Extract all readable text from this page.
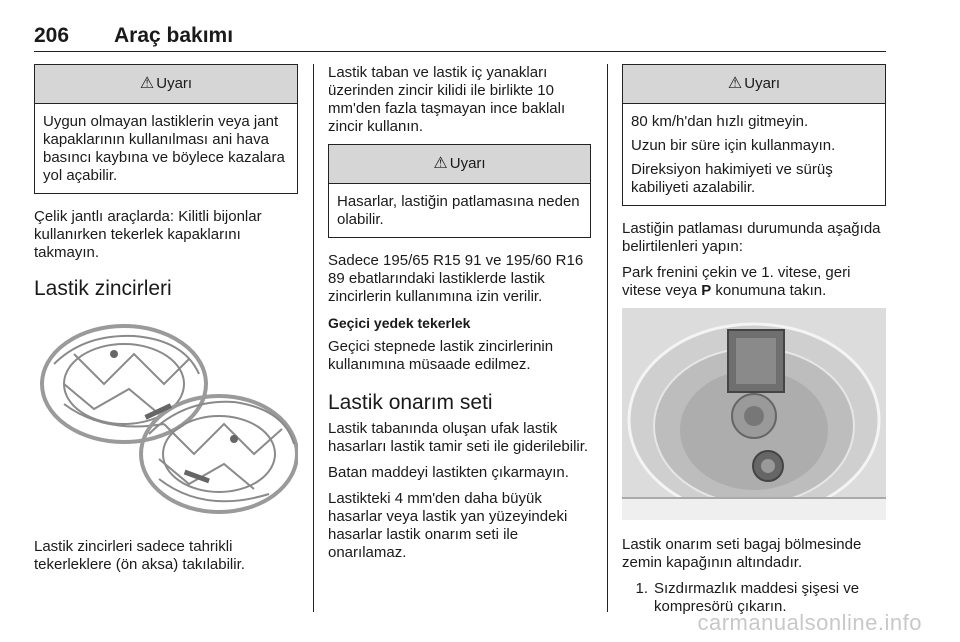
206 Araç bakımı
⚠ Uyarı

Uygun olmayan lastiklerin veya jant kapaklarının kullanılması ani hava basıncı kaybına ve böylece kazalara yol açabilir.

Çelik jantlı araçlarda: Kilitli bijonlar kullanırken tekerlek kapaklarını takmayın.

Lastik zincirleri

Lastik zincirleri sadece tahrikli tekerleklere (ön aksa) takılabilir.

Lastik taban ve lastik iç yanakları üzerinden zincir kilidi ile birlikte 10 mm'den fazla taşmayan ince baklalı zincir kullanın.

⚠ Uyarı

Hasarlar, lastiğin patlamasına neden olabilir.

Sadece 195/65 R15 91 ve 195/60 R16 89 ebatlarındaki lastiklerde lastik zincirlerin kullanımına izin verilir.

Geçici yedek tekerlek

Geçici stepnede lastik zincirlerinin kullanımına müsaade edilmez.

Lastik onarım seti

Lastik tabanında oluşan ufak lastik hasarları lastik tamir seti ile giderilebilir.

Batan maddeyi lastikten çıkarmayın.

Lastikteki 4 mm'den daha büyük hasarlar veya lastik yan yüzeyindeki hasarlar lastik onarım seti ile onarılamaz.

⚠ Uyarı

80 km/h'dan hızlı gitmeyin.

Uzun bir süre için kullanmayın.

Direksiyon hakimiyeti ve sürüş kabiliyeti azalabilir.

Lastiğin patlaması durumunda aşağıda belirtilenleri yapın:

Park frenini çekin ve 1. vitese, geri vitese veya P konumuna takın.

Lastik onarım seti bagaj bölmesinde zemin kapağının altındadır.

1. Sızdırmazlık maddesi şişesi ve kompresörü çıkarın.
carmanualsonline.info
